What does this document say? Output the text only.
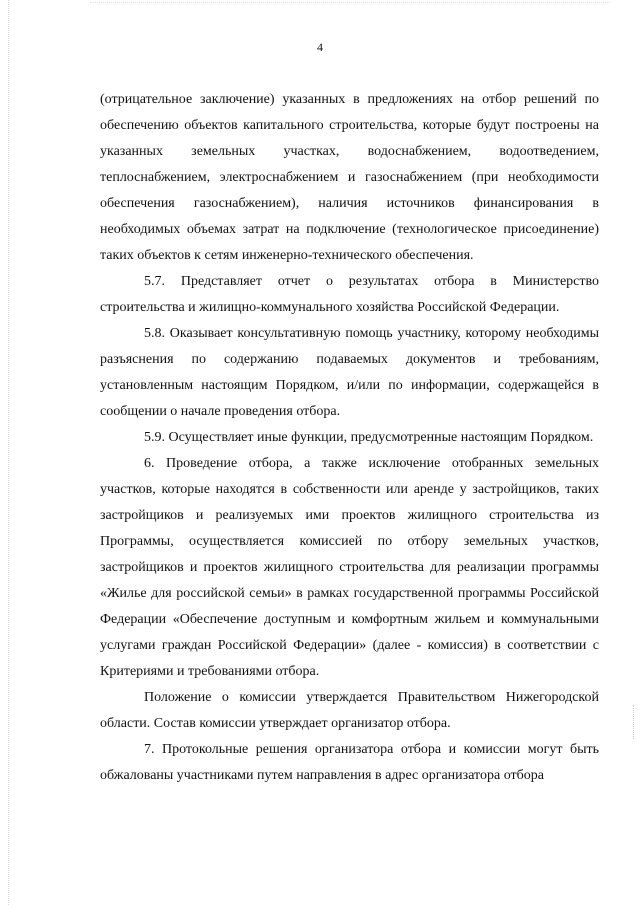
4

(отрицательное заключение) указанных в предложениях на отбор решений по обеспечению объектов капитального строительства, которые будут построены на указанных земельных участках, водоснабжением, водоотведением, теплоснабжением, электроснабжением и газоснабжением (при необходимости обеспечения газоснабжением), наличия источников финансирования в необходимых объемах затрат на подключение (технологическое присоединение) таких объектов к сетям инженерно-технического обеспечения.

5.7. Представляет отчет о результатах отбора в Министерство строительства и жилищно-коммунального хозяйства Российской Федерации.

5.8. Оказывает консультативную помощь участнику, которому необходимы разъяснения по содержанию подаваемых документов и требованиям, установленным настоящим Порядком, и/или по информации, содержащейся в сообщении о начале проведения отбора.

5.9. Осуществляет иные функции, предусмотренные настоящим Порядком.

6. Проведение отбора, а также исключение отобранных земельных участков, которые находятся в собственности или аренде у застройщиков, таких застройщиков и реализуемых ими проектов жилищного строительства из Программы, осуществляется комиссией по отбору земельных участков, застройщиков и проектов жилищного строительства для реализации программы «Жилье для российской семьи» в рамках государственной программы Российской Федерации «Обеспечение доступным и комфортным жильем и коммунальными услугами граждан Российской Федерации» (далее - комиссия) в соответствии с Критериями и требованиями отбора.

Положение о комиссии утверждается Правительством Нижегородской области. Состав комиссии утверждает организатор отбора.

7. Протокольные решения организатора отбора и комиссии могут быть обжалованы участниками путем направления в адрес организатора отбора
